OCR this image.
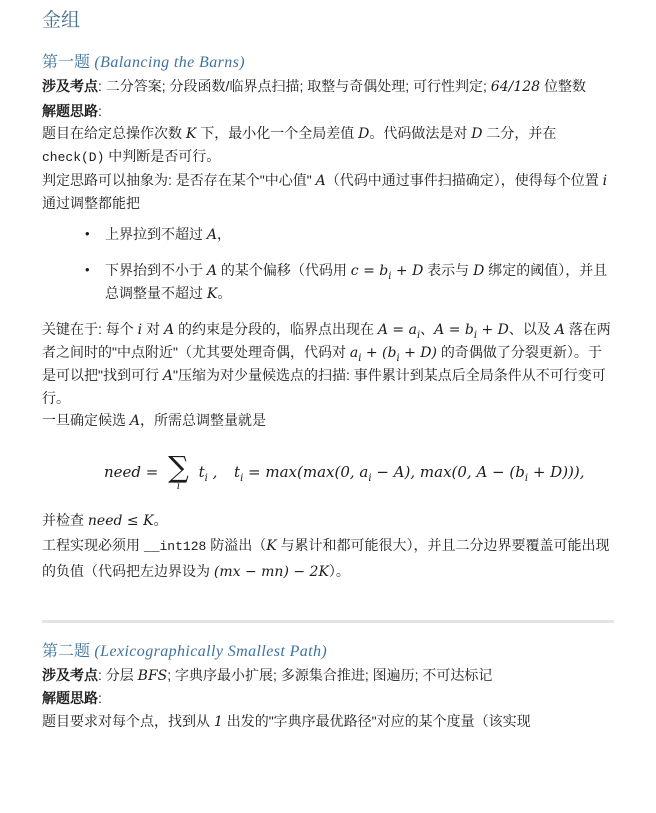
金组
第一题 (Balancing the Barns)

涉及考点: 二分答案; 分段函数/临界点扫描; 取整与奇偶处理; 可行性判定; 64/128 位整数

解题思路:

题目在给定总操作次数 K 下，最小化一个全局差值 D。代码做法是对 D 二分，并在 check(D) 中判断是否可行。

判定思路可以抽象为: 是否存在某个"中心值" A（代码中通过事件扫描确定），使得每个位置 i 通过调整都能把

• 上界拉到不超过 A，
• 下界抬到不小于 A 的某个偏移（代码用 $c = b_i + D$ 表示与 D 绑定的阈值），并且总调整量不超过 K。

关键在于: 每个 i 对 A 的约束是分段的，临界点出现在 $A = a_i$、$A = b_i + D$、以及 A 落在两者之间时的"中点附近"（尤其要处理奇偶，代码对 $a_i + (b_i + D)$ 的奇偶做了分裂更新）。于是可以把"找到可行 A"压缩为对少量候选点的扫描: 事件累计到某点后全局条件从不可行变可行。

一旦确定候选 A，所需总调整量就是

need = ∑
i
$t_i$ , $t_i = \max(\max(0$, $a_i - A$), max(0, $A - (b_i + D)$)),

并检查 need ≤ K。

工程实现必须用 __int128 防溢出（K 与累计和都可能很大），并且二分边界要覆盖可能出现的负值（代码把左边界设为 (mx − mn) − 2K）。

第二题 (Lexicographically Smallest Path)

涉及考点: 分层 BFS; 字典序最小扩展; 多源集合推进; 图遍历; 不可达标记

解题思路:

题目要求对每个点，找到从 1 出发的"字典序最优路径"对应的某个度量（该实现
